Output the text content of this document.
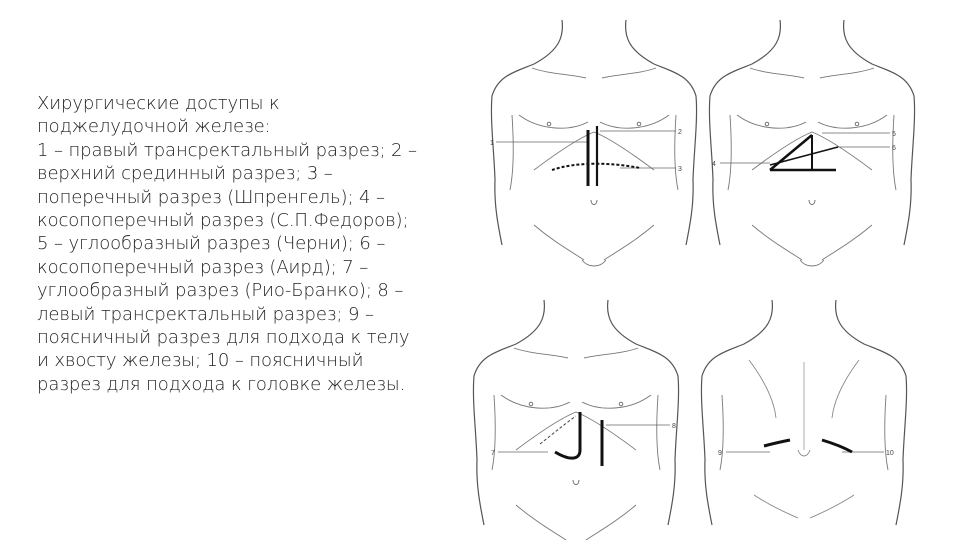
Хирургические доступы к
поджелудочной железе:
1 – правый трансректальный разрез; 2 –
верхний срединный разрез; 3 –
поперечный разрез (Шпренгель); 4 –
косопоперечный разрез (С.П.Федоров);
5 – углообразный разрез (Черни); 6 –
косопоперечный разрез (Аирд); 7 –
углообразный разрез (Рио-Бранко); 8 –
левый трансректальный разрез; 9 –
поясничный разрез для подхода к телу
и хвосту железы; 10 – поясничный
разрез для подхода к головке железы.
1
2
3
4
5
6
7
8
9	10
